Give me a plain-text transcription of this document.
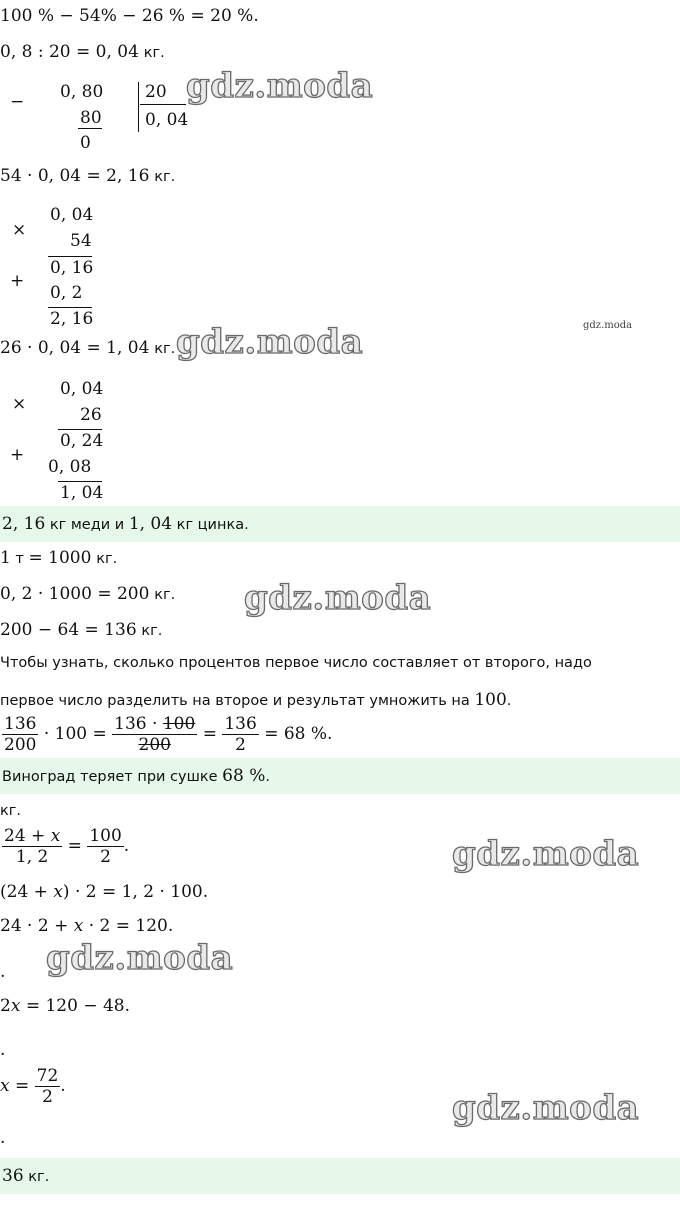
100 % − 54% − 26 % = 20 %.
0, 8 : 20 = 0, 04 кг.
− 0, 80
80
0
20
0, 04
gdz.moda
54 · 0, 04 = 2, 16 кг.
×
0, 04
54
0, 16
+
0, 2
2, 16	gdz.moda
26 · 0, 04 = 1, 04 кг. gdz.moda
×
0, 04
26
0, 24
+
0, 08
1, 04
2, 16 кг меди и 1, 04 кг цинка.
1 т = 1000 кг.
0, 2 · 1000 = 200 кг. gdz.moda
200 − 64 = 136 кг.
Чтобы узнать, сколько процентов первое число составляет от второго, надо
первое число разделить на второе и результат умножить на 100.
$\frac{136}{200} \cdot 100 = \frac{136 \cdot 100}{200} = \frac{136}{2} = 68$ %.
Виноград теряет при сушке 68 %.
кг.
$\frac{24 + x}{1, 2} = \frac{100}{2}$ .	gdz.moda
(24 + x) · 2 = 1, 2 · 100.
24 · 2 + x · 2 = 120.
. gdz.moda
2x = 120 − 48.
.
$x = \frac{72}{2}$ .
gdz.moda
.
36 кг.
